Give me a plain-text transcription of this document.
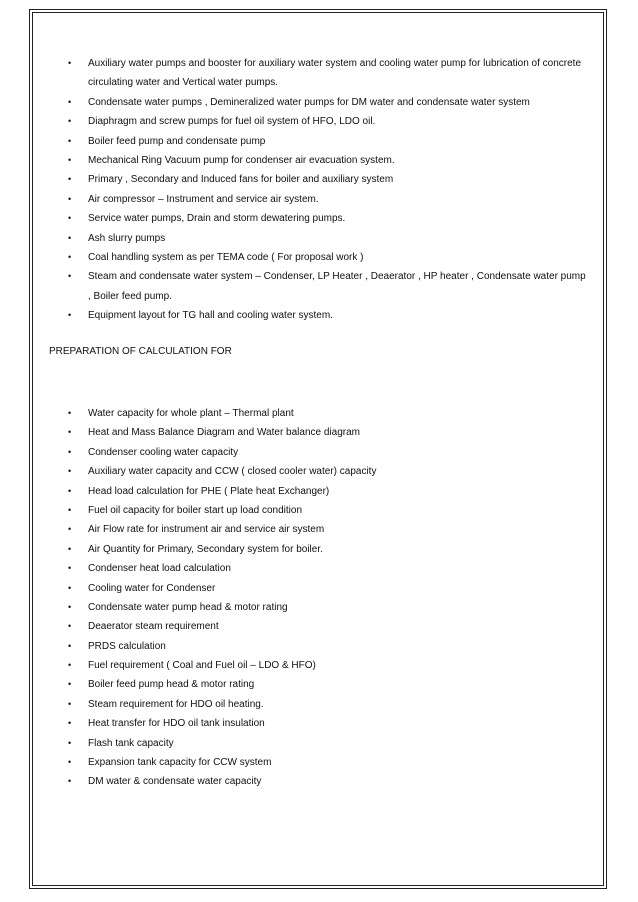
• Auxiliary water pumps and booster for auxiliary water system and cooling water pump for lubrication of concrete circulating water and Vertical water pumps.
• Condensate water pumps , Demineralized water pumps for DM water and condensate water system
• Diaphragm and screw pumps for fuel oil system of HFO, LDO oil.
• Boiler feed pump and condensate pump
• Mechanical Ring Vacuum pump for condenser air evacuation system.
• Primary , Secondary and Induced fans for boiler and auxiliary system
• Air compressor – Instrument and service air system.
• Service water pumps, Drain and storm dewatering pumps.
• Ash slurry pumps
• Coal handling system as per TEMA code ( For proposal work )
• Steam and condensate water system – Condenser, LP Heater , Deaerator , HP heater , Condensate water pump , Boiler feed pump.
• Equipment layout for TG hall and cooling water system.
PREPARATION OF CALCULATION FOR
• Water capacity for whole plant – Thermal plant
• Heat and Mass Balance Diagram and Water balance diagram
• Condenser cooling water capacity
• Auxiliary water capacity and CCW ( closed cooler water) capacity
• Head load calculation for PHE ( Plate heat Exchanger)
• Fuel oil capacity for boiler start up load condition
• Air Flow rate for instrument air and service air system
• Air Quantity for Primary, Secondary system for boiler.
• Condenser heat load calculation
• Cooling water for Condenser
• Condensate water pump head & motor rating
• Deaerator steam requirement
• PRDS calculation
• Fuel requirement ( Coal and Fuel oil – LDO & HFO)
• Boiler feed pump head & motor rating
• Steam requirement for HDO oil heating.
• Heat transfer for HDO oil tank insulation
• Flash tank capacity
• Expansion tank capacity for CCW system
• DM water & condensate water capacity
